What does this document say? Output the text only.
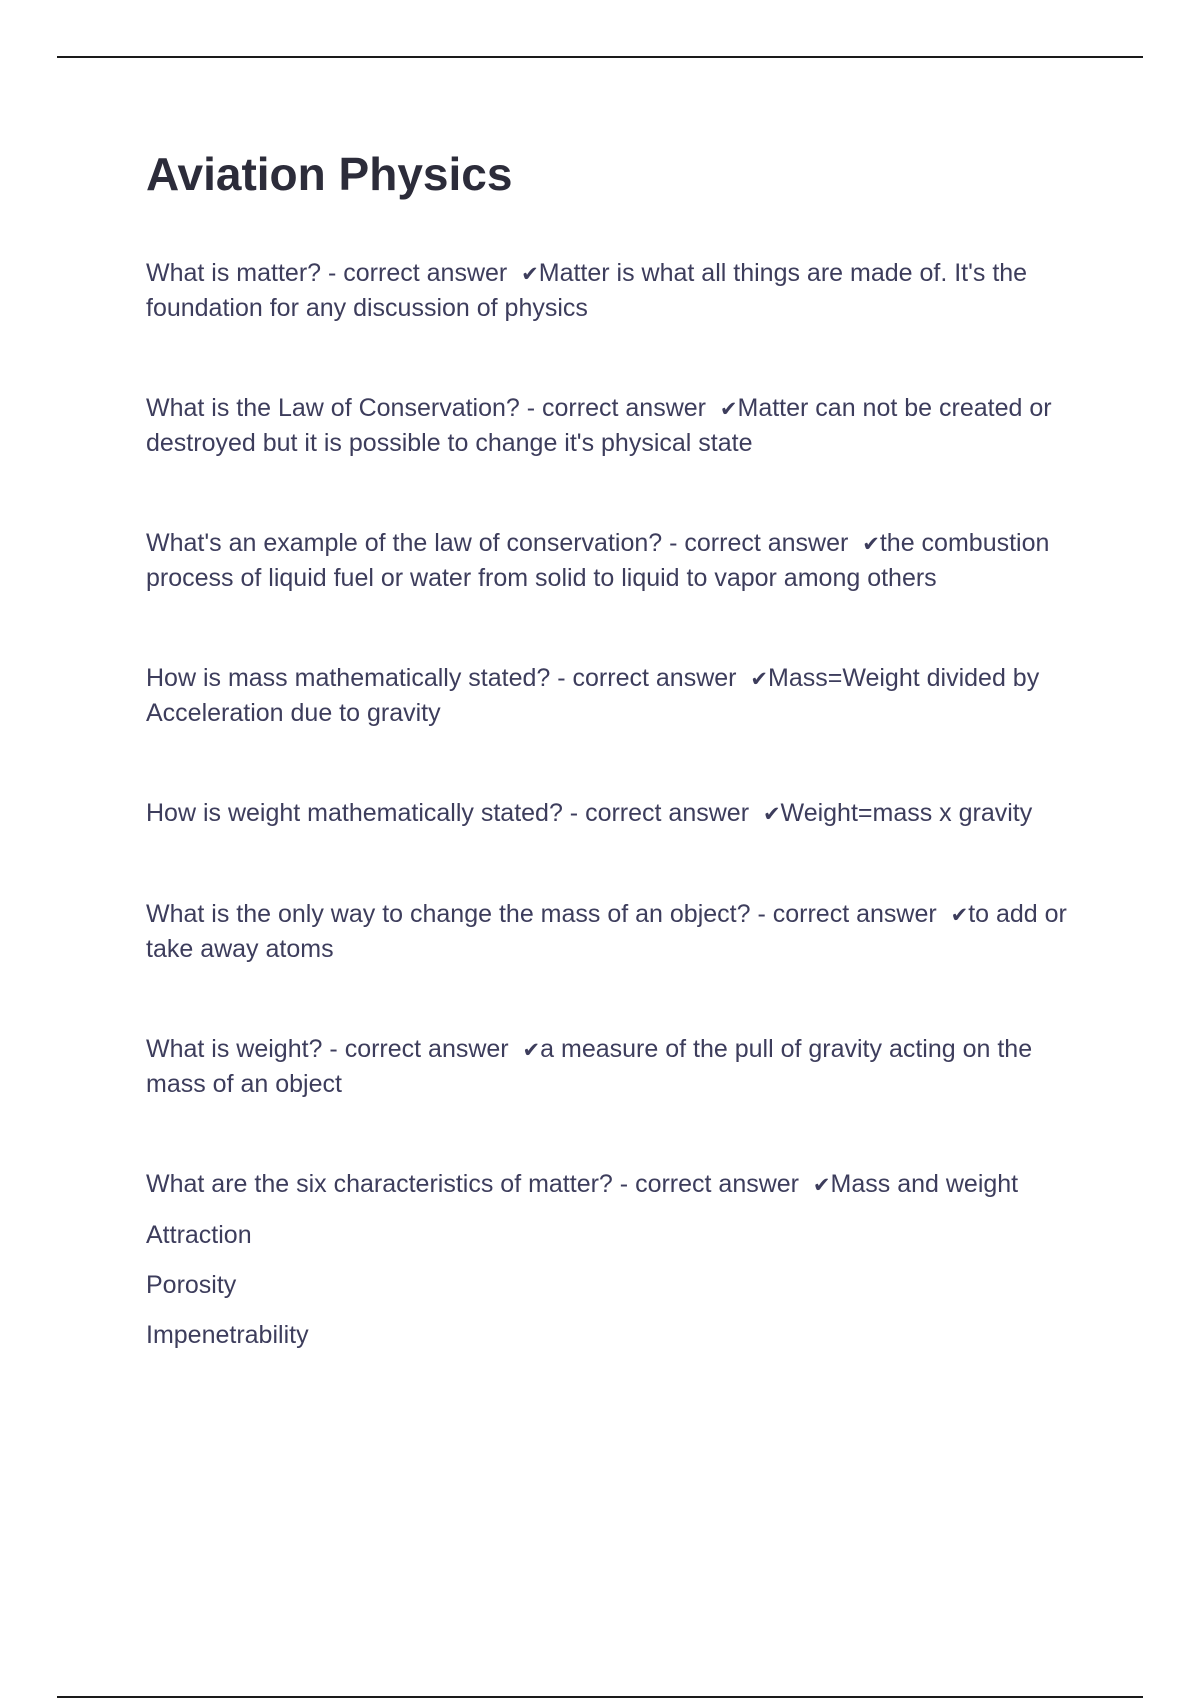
Aviation Physics
What is matter? - correct answer ✔Matter is what all things are made of. It's the foundation for any discussion of physics
What is the Law of Conservation? - correct answer ✔Matter can not be created or destroyed but it is possible to change it's physical state
What's an example of the law of conservation? - correct answer ✔the combustion process of liquid fuel or water from solid to liquid to vapor among others
How is mass mathematically stated? - correct answer ✔Mass=Weight divided by Acceleration due to gravity
How is weight mathematically stated? - correct answer ✔Weight=mass x gravity
What is the only way to change the mass of an object? - correct answer ✔to add or take away atoms
What is weight? - correct answer ✔a measure of the pull of gravity acting on the mass of an object
What are the six characteristics of matter? - correct answer ✔Mass and weight
Attraction
Porosity
Impenetrability
